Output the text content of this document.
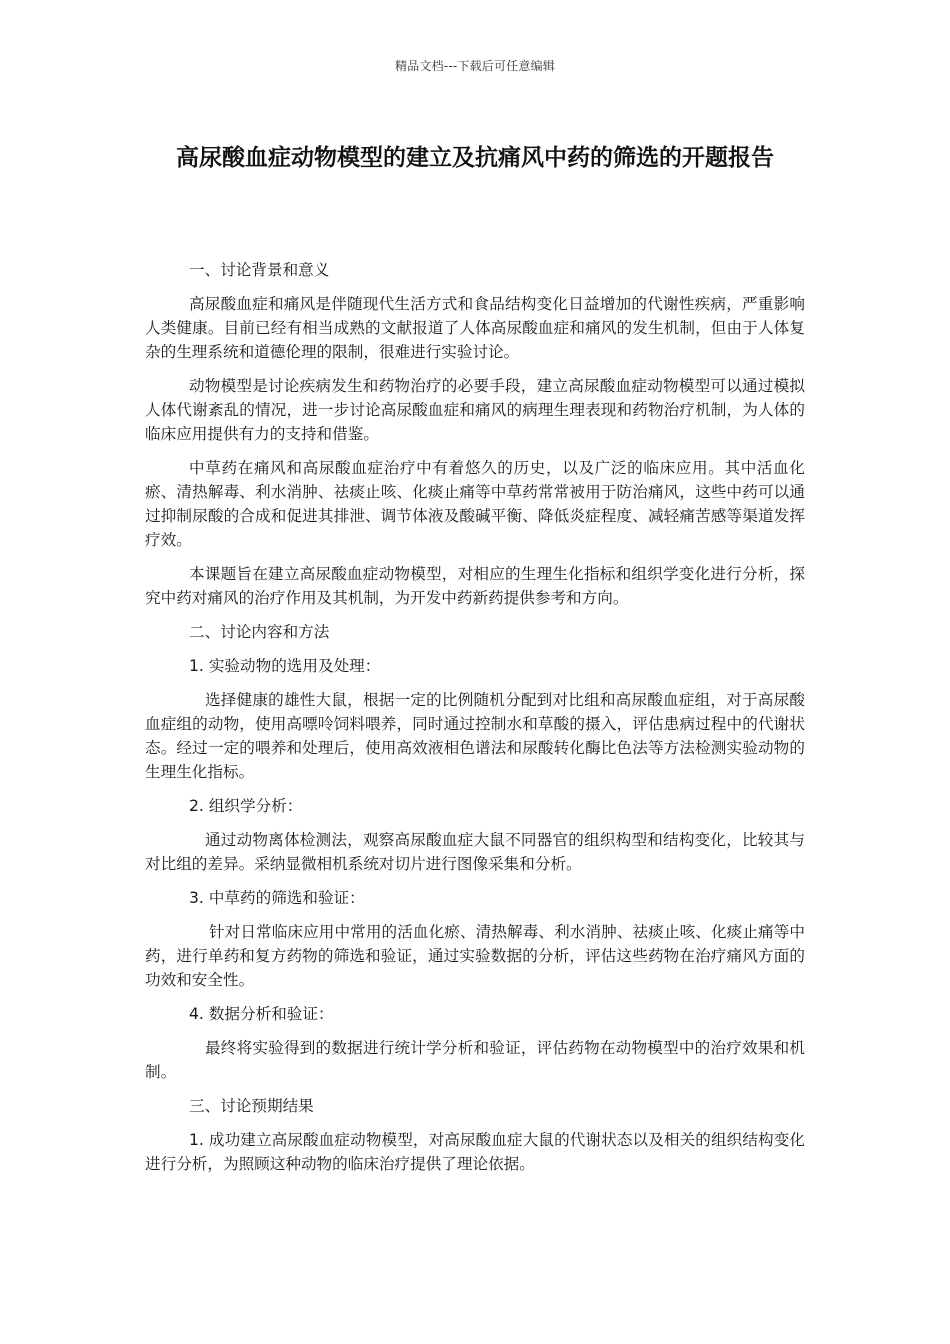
精品文档---下载后可任意编辑
高尿酸血症动物模型的建立及抗痛风中药的筛选的开题报告
一、讨论背景和意义

高尿酸血症和痛风是伴随现代生活方式和食品结构变化日益增加的代谢性疾病，严重影响人类健康。目前已经有相当成熟的文献报道了人体高尿酸血症和痛风的发生机制，但由于人体复杂的生理系统和道德伦理的限制，很难进行实验讨论。

动物模型是讨论疾病发生和药物治疗的必要手段，建立高尿酸血症动物模型可以通过模拟人体代谢紊乱的情况，进一步讨论高尿酸血症和痛风的病理生理表现和药物治疗机制，为人体的临床应用提供有力的支持和借鉴。

中草药在痛风和高尿酸血症治疗中有着悠久的历史，以及广泛的临床应用。其中活血化瘀、清热解毒、利水消肿、祛痰止咳、化痰止痛等中草药常常被用于防治痛风，这些中药可以通过抑制尿酸的合成和促进其排泄、调节体液及酸碱平衡、降低炎症程度、减轻痛苦感等渠道发挥疗效。

本课题旨在建立高尿酸血症动物模型，对相应的生理生化指标和组织学变化进行分析，探究中药对痛风的治疗作用及其机制，为开发中药新药提供参考和方向。

二、讨论内容和方法
1. 实验动物的选用及处理：

选择健康的雄性大鼠，根据一定的比例随机分配到对比组和高尿酸血症组，对于高尿酸血症组的动物，使用高嘌呤饲料喂养，同时通过控制水和草酸的摄入，评估患病过程中的代谢状态。经过一定的喂养和处理后，使用高效液相色谱法和尿酸转化酶比色法等方法检测实验动物的生理生化指标。

2. 组织学分析：

通过动物离体检测法，观察高尿酸血症大鼠不同器官的组织构型和结构变化，比较其与对比组的差异。采纳显微相机系统对切片进行图像采集和分析。

3. 中草药的筛选和验证：

针对日常临床应用中常用的活血化瘀、清热解毒、利水消肿、祛痰止咳、化痰止痛等中药，进行单药和复方药物的筛选和验证，通过实验数据的分析，评估这些药物在治疗痛风方面的功效和安全性。

4. 数据分析和验证：

最终将实验得到的数据进行统计学分析和验证，评估药物在动物模型中的治疗效果和机制。

三、讨论预期结果

1. 成功建立高尿酸血症动物模型，对高尿酸血症大鼠的代谢状态以及相关的组织结构变化进行分析，为照顾这种动物的临床治疗提供了理论依据。
